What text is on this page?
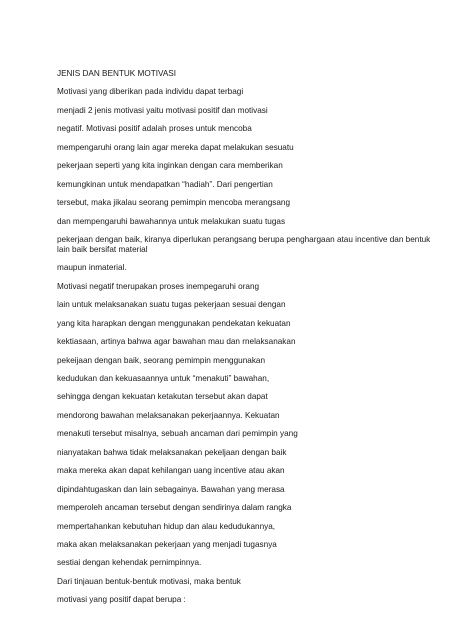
JENIS DAN BENTUK MOTIVASI
Motivasi yang diberikan pada individu dapat terbagi
menjadi 2 jenis motivasi yaitu motivasi positif dan motivasi
negatif. Motivasi positif adalah proses untuk mencoba
mempengaruhi orang lain agar mereka dapat melakukan sesuatu
pekerjaan seperti yang kita inginkan dengan cara memberikan
kemungkinan untuk mendapatkan “hadiah”. Dari pengertian
tersebut, maka jikalau seorang pemimpin mencoba merangsang
dan mempengaruhi bawahannya untuk melakukan suatu tugas
pekerjaan dengan baik, kiranya diperlukan perangsang berupa penghargaan atau incentive dan bentuk lain baik bersifat material
maupun inmaterial.
Motivasi negatif tnerupakan proses inempegaruhi orang
lain untuk melaksanakan suatu tugas pekerjaan sesuai dengan
yang kita harapkan dengan menggunakan pendekatan kekuatan
kektiasaan, artinya bahwa agar bawahan mau dan rnelaksanakan
pekeijaan dengan baik, seorang pemimpin menggunakan
kedudukan dan kekuasaannya untuk “menakuti” bawahan,
sehingga dengan kekuatan ketakutan tersebut akan dapat
mendorong bawahan melaksanakan pekerjaannya. Kekuatan
menakuti tersebut misalnya, sebuah ancaman dari pemimpin yang
nianyatakan bahwa tidak melaksanakan pekeljaan dengan baik
maka mereka akan dapat kehilangan uang incentive atau akan
dipindahtugaskan dan lain sebagainya. Bawahan yang merasa
memperoleh ancaman tersebut dengan sendirinya dalam rangka
mempertahankan kebutuhan hidup dan alau kedudukannya,
maka akan melaksanakan pekerjaan yang menjadi tugasnya
sestiai dengan kehendak pernimpinnya.
Dari tinjauan bentuk-bentuk motivasi, maka bentuk
motivasi yang positif dapat berupa :
